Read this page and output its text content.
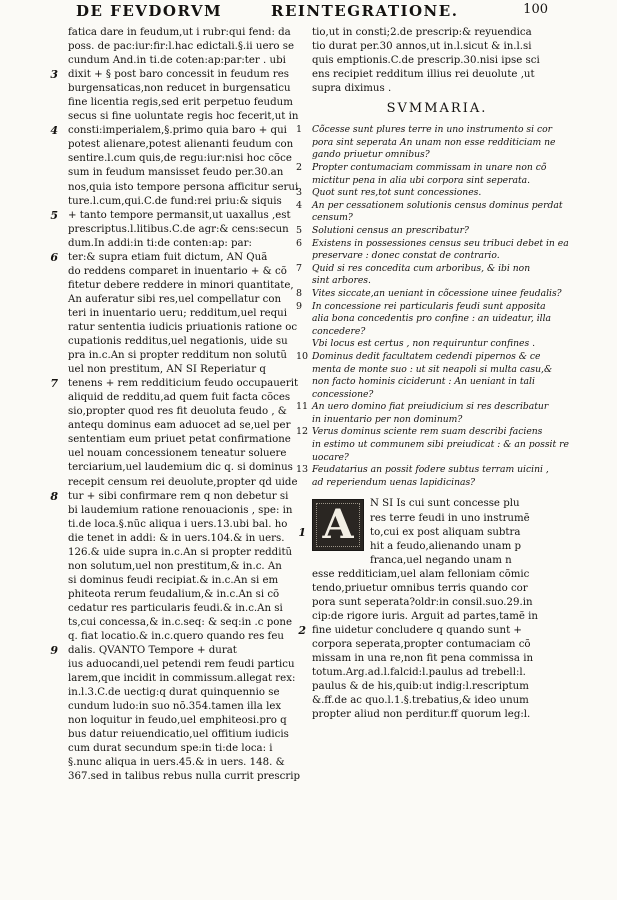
DE FEVDORVM	REINTEGRATIONE.	100
fatica dare in feudum,ut i rubr:qui fend: da
poss. de pac:iur:fir:l.hac edictali.§.ii uero se
cundum And.in ti.de coten:ap:par:ter . ubi
3 dixit + § post baro concessit in feudum res
burgensaticas,non reducet in burgensaticu
fine licentia regis,sed erit perpetuo feudum
secus si fine uoluntate regis hoc fecerit,ut in
4 consti:imperialem,§.primo quia baro + qui
potest alienare,potest alienanti feudum con
sentire.l.cum quis,de regu:iur:nisi hoc cõce
sum in feudum mansisset feudo per.30.an
nos,quia isto tempore persona afficitur serui
ture.l.cum,qui.C.de fund:rei priu:& siquis
5 + tanto tempore permansit,ut uaxallus ,est
prescriptus.l.litibus.C.de agr:& cens:secun
dum.In addi:in ti:de conten:ap: par:
6 ter:& supra etiam fuit dictum, AN Quã
do reddens comparet in inuentario + & cõ
fitetur debere reddere in minori quantitate,
An auferatur sibi res,uel compellatur con
teri in inuentario ueru; redditum,uel requi
ratur sententia iudicis priuationis ratione oc
cupationis redditus,uel negationis, uide su
pra in.c.An si propter redditum non solutũ
uel non prestitum, AN SI Reperiatur q
7 tenens + rem redditicium feudo occupauerit
aliquid de redditu,ad quem fuit facta cõces
sio,propter quod res fit deuoluta feudo , &
antequ dominus eam aduocet ad se,uel per
sententiam eum priuet petat confirmatione
uel nouam concessionem teneatur soluere
terciarium,uel laudemium dic q. si dominus
recepit censum rei deuolute,propter qd uide
8 tur + sibi confirmare rem q non debetur si
bi laudemium ratione renouacionis , spe: in
ti.de loca.§.nũc aliqua i uers.13.ubi bal. ho
die tenet in addi: & in uers.104.& in uers.
126.& uide supra in.c.An si propter redditũ
non solutum,uel non prestitum,& in.c. An
si dominus feudi recipiat.& in.c.An si em
phiteota rerum feudalium,& in.c.An si cõ
cedatur res particularis feudi.& in.c.An si
ts,cui concessa,& in.c.seq: & seq:in .c pone
q. fiat locatio.& in.c.quero quando res feu
9 dalis. QVANTO Tempore + durat
ius aduocandi,uel petendi rem feudi particu
larem,que incidit in commissum.allegat rex:
in.l.3.C.de uectig:q durat quinquennio se
cundum ludo:in suo nõ.354.tamen illa lex
non loquitur in feudo,uel emphiteosi.pro q
bus datur reiuendicatio,uel offitium iudicis
cum durat secundum spe:in ti:de loca: i
§.nunc aliqua in uers.45.& in uers. 148. &
367.sed in talibus rebus nulla currit prescrip
tio,ut in consti;2.de prescrip:& reyuendica
tio durat per.30 annos,ut in.l.sicut & in.l.si
quis emptionis.C.de prescrip.30.nisi ipse sci
ens recipiet redditum illius rei deuolute ,ut
supra diximus .
SVMMARIA.
1 Cõcesse sunt plures terre in uno instrumento si cor
pora sint seperata An unam non esse redditiciam ne
gando priuetur omnibus?
2 Propter contumaciam commissam in unare non cõ
mictitur pena in alia ubi corpora sint seperata.
3 Quot sunt res,tot sunt concessiones.
4 An per cessationem solutionis census dominus perdat
censum?
5 Solutioni census an prescribatur?
6 Existens in possessiones census seu tribuci debet in ea
preservare : donec constat de contrario.
7 Quid si res concedita cum arboribus, & ibi non
sint arbores.
8 Vites siccate,an ueniant in cõcessione uinee feudalis?
9 In concessione rei particularis feudi sunt apposita
alia bona concedentis pro confine : an uideatur, illa
concedere?
Vbi locus est certus , non requiruntur confines .
10 Dominus dedit facultatem cedendi pipernos & ce
menta de monte suo : ut sit neapoli si multa casu,&
non facto hominis ciciderunt : An ueniant in tali
concessione?
11 An uero domino fiat preiudicium si res describatur
in inuentario per non dominum?
12 Verus dominus sciente rem suam describi faciens
in estimo ut communem sibi preiudicat : & an possit re
uocare?
13 Feudatarius an possit fodere subtus terram uicini ,
ad reperiendum uenas lapidicinas?
A	N SI Is cui sunt concesse plu
res terre feudi in uno instrumẽ
1	to,cui ex post aliquam subtra
hit a feudo,alienando unam p
franca,uel negando unam n
esse redditiciam,uel alam felloniam cõmic
tendo,priuetur omnibus terris quando cor
pora sunt seperata?oldr:in consil.suo.29.in
cip:de rigore iuris. Arguit ad partes,tamẽ in
2 fine uidetur concludere q quando sunt +
corpora seperata,propter contumaciam cõ
missam in una re,non fit pena commissa in
totum.Arg.ad.l.falcid:l.paulus ad trebell:l.
paulus & de his,quib:ut indig:l.rescriptum
&.ff.de ac quo.l.1.§.trebatius,& ideo unum
propter aliud non perditur.ff quorum leg:l.
